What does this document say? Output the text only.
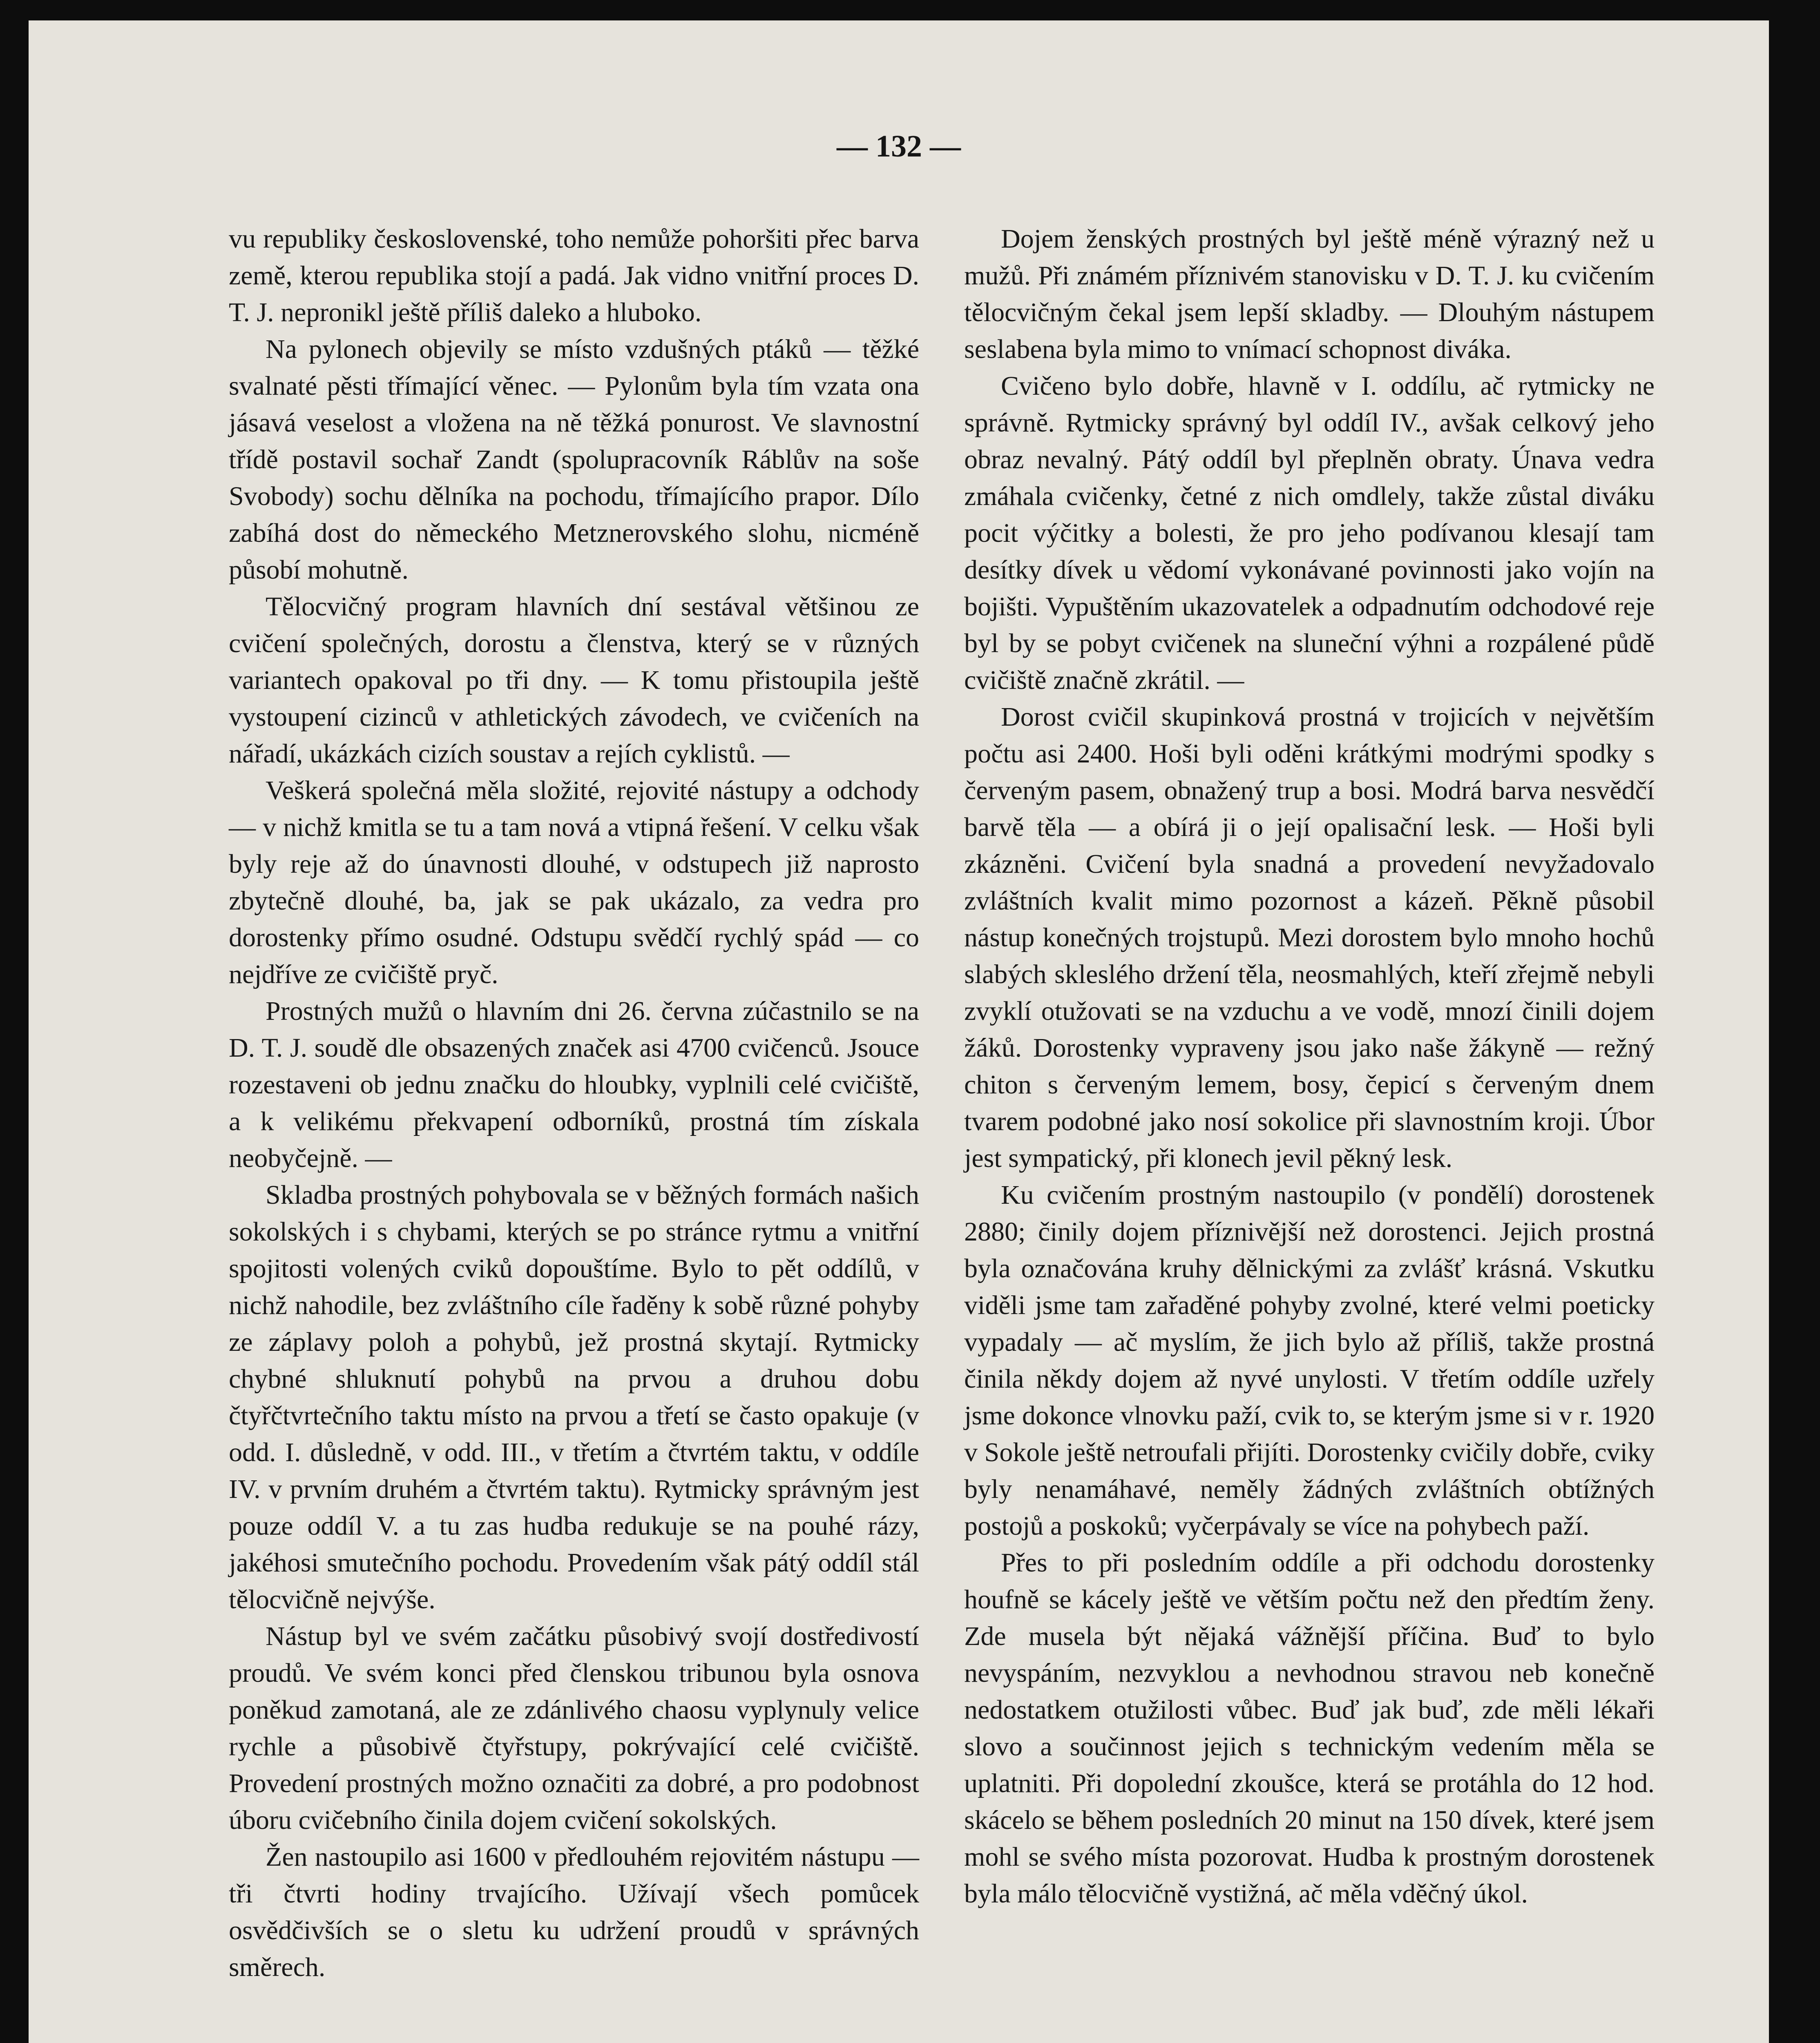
— 132 —

vu republiky československé, toho nemůže pohoršiti přec barva země, kterou republika stojí a padá. Jak vidno vnitřní proces D. T. J. nepronikl ještě příliš daleko a hluboko.

Na pylonech objevily se místo vzdušných ptáků — těžké svalnaté pěsti třímající věnec. — Pylonům byla tím vzata ona jásavá veselost a vložena na ně těžká ponurost. Ve slavnostní třídě postavil sochař Zandt (spolupracovník Ráblův na soše Svobody) sochu dělníka na pochodu, třímajícího prapor. Dílo zabíhá dost do německého Metznerovského slohu, nicméně působí mohutně.

Tělocvičný program hlavních dní sestával většinou ze cvičení společných, dorostu a členstva, který se v různých variantech opakoval po tři dny. — K tomu přistoupila ještě vystoupení cizinců v athletických závodech, ve cvičeních na nářadí, ukázkách cizích soustav a rejích cyklistů. —

Veškerá společná měla složité, rejovité nástupy a odchody — v nichž kmitla se tu a tam nová a vtipná řešení. V celku však byly reje až do únavnosti dlouhé, v odstupech již naprosto zbytečně dlouhé, ba, jak se pak ukázalo, za vedra pro dorostenky přímo osudné. Odstupu svědčí rychlý spád — co nejdříve ze cvičiště pryč.

Prostných mužů o hlavním dni 26. června zúčastnilo se na D. T. J. soudě dle obsazených značek asi 4700 cvičenců. Jsouce rozestaveni ob jednu značku do hloubky, vyplnili celé cvičiště, a k velikému překvapení odborníků, prostná tím získala neobyčejně. —

Skladba prostných pohybovala se v běžných formách našich sokolských i s chybami, kterých se po stránce rytmu a vnitřní spojitosti volených cviků dopouštíme. Bylo to pět oddílů, v nichž nahodile, bez zvláštního cíle řaděny k sobě různé pohyby ze záplavy poloh a pohybů, jež prostná skytají. Rytmicky chybné shluknutí pohybů na prvou a druhou dobu čtyřčtvrtečního taktu místo na prvou a třetí se často opakuje (v odd. I. důsledně, v odd. III., v třetím a čtvrtém taktu, v oddíle IV. v prvním druhém a čtvrtém taktu). Rytmicky správným jest pouze oddíl V. a tu zas hudba redukuje se na pouhé rázy, jakéhosi smutečního pochodu. Provedením však pátý oddíl stál tělocvičně nejvýše.

Nástup byl ve svém začátku působivý svojí dostředivostí proudů. Ve svém konci před členskou tribunou byla osnova poněkud zamotaná, ale ze zdánlivého chaosu vyplynuly velice rychle a působivě čtyřstupy, pokrývající celé cvičiště. Provedení prostných možno označiti za dobré, a pro podobnost úboru cvičebního činila dojem cvičení sokolských.

Žen nastoupilo asi 1600 v předlouhém rejovitém nástupu — tři čtvrti hodiny trvajícího. Užívají všech pomůcek osvědčivších se o sletu ku udržení proudů v správných směrech.

Dojem ženských prostných byl ještě méně výrazný než u mužů. Při známém příznivém stanovisku v D. T. J. ku cvičením tělocvičným čekal jsem lepší skladby. — Dlouhým nástupem seslabena byla mimo to vnímací schopnost diváka.

Cvičeno bylo dobře, hlavně v I. oddílu, ač rytmicky ne správně. Rytmicky správný byl oddíl IV., avšak celkový jeho obraz nevalný. Pátý oddíl byl přeplněn obraty. Únava vedra zmáhala cvičenky, četné z nich omdlely, takže zůstal diváku pocit výčitky a bolesti, že pro jeho podívanou klesají tam desítky dívek u vědomí vykonávané povinnosti jako vojín na bojišti. Vypuštěním ukazovatelek a odpadnutím odchodové reje byl by se pobyt cvičenek na sluneční výhni a rozpálené půdě cvičiště značně zkrátil. —

Dorost cvičil skupinková prostná v trojicích v největším počtu asi 2400. Hoši byli oděni krátkými modrými spodky s červeným pasem, obnažený trup a bosi. Modrá barva nesvědčí barvě těla — a obírá ji o její opalisační lesk. — Hoši byli zkázněni. Cvičení byla snadná a provedení nevyžadovalo zvláštních kvalit mimo pozornost a kázeň. Pěkně působil nástup konečných trojstupů. Mezi dorostem bylo mnoho hochů slabých skleslého držení těla, neosmahlých, kteří zřejmě nebyli zvyklí otužovati se na vzduchu a ve vodě, mnozí činili dojem žáků. Dorostenky vypraveny jsou jako naše žákyně — režný chiton s červeným lemem, bosy, čepicí s červeným dnem tvarem podobné jako nosí sokolice při slavnostním kroji. Úbor jest sympatický, při klonech jevil pěkný lesk.

Ku cvičením prostným nastoupilo (v pondělí) dorostenek 2880; činily dojem příznivější než dorostenci. Jejich prostná byla označována kruhy dělnickými za zvlášť krásná. Vskutku viděli jsme tam zařaděné pohyby zvolné, které velmi poeticky vypadaly — ač myslím, že jich bylo až příliš, takže prostná činila někdy dojem až nyvé unylosti. V třetím oddíle uzřely jsme dokonce vlnovku paží, cvik to, se kterým jsme si v r. 1920 v Sokole ještě netroufali přijíti. Dorostenky cvičily dobře, cviky byly nenamáhavé, neměly žádných zvláštních obtížných postojů a poskoků; vyčerpávaly se více na pohybech paží.

Přes to při posledním oddíle a při odchodu dorostenky houfně se kácely ještě ve větším počtu než den předtím ženy. Zde musela být nějaká vážnější příčina. Buď to bylo nevyspáním, nezvyklou a nevhodnou stravou neb konečně nedostatkem otužilosti vůbec. Buď jak buď, zde měli lékaři slovo a součinnost jejich s technickým vedením měla se uplatniti. Při dopolední zkoušce, která se protáhla do 12 hod. skácelo se během posledních 20 minut na 150 dívek, které jsem mohl se svého místa pozorovat. Hudba k prostným dorostenek byla málo tělocvičně vystižná, ač měla vděčný úkol.
